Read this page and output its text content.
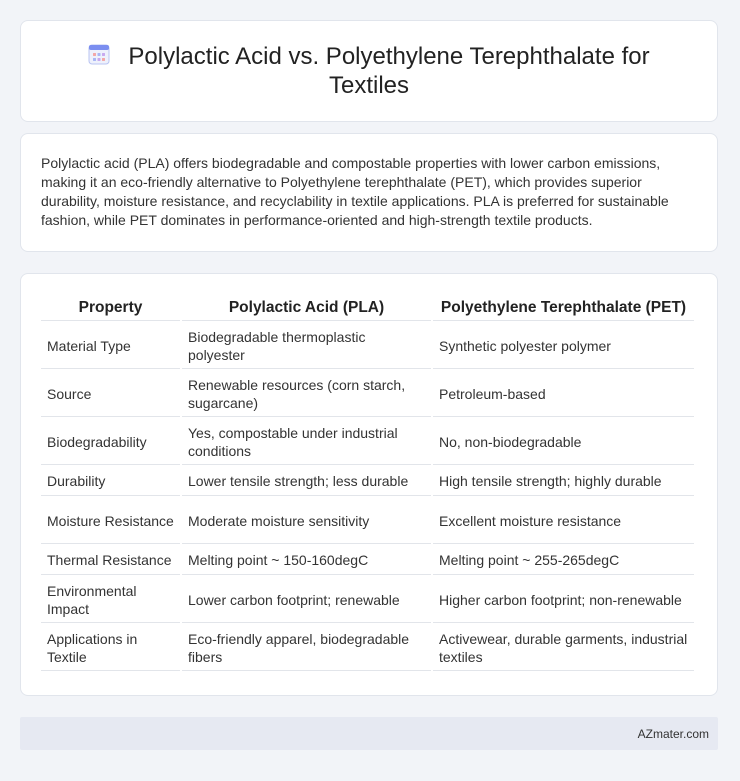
Polylactic Acid vs. Polyethylene Terephthalate for Textiles

Polylactic acid (PLA) offers biodegradable and compostable properties with lower carbon emissions, making it an eco-friendly alternative to Polyethylene terephthalate (PET), which provides superior durability, moisture resistance, and recyclability in textile applications. PLA is preferred for sustainable fashion, while PET dominates in performance-oriented and high-strength textile products.

Property	Polylactic Acid (PLA)	Polyethylene Terephthalate (PET)
Material Type	Biodegradable thermoplastic polyester	Synthetic polyester polymer
Source	Renewable resources (corn starch, sugarcane)	Petroleum-based
Biodegradability	Yes, compostable under industrial conditions	No, non-biodegradable
Durability	Lower tensile strength; less durable	High tensile strength; highly durable
Moisture Resistance	Moderate moisture sensitivity	Excellent moisture resistance
Thermal Resistance	Melting point ~ 150-160degC	Melting point ~ 255-265degC
Environmental Impact	Lower carbon footprint; renewable	Higher carbon footprint; non-renewable
Applications in Textile	Eco-friendly apparel, biodegradable fibers	Activewear, durable garments, industrial textiles
AZmater.com
